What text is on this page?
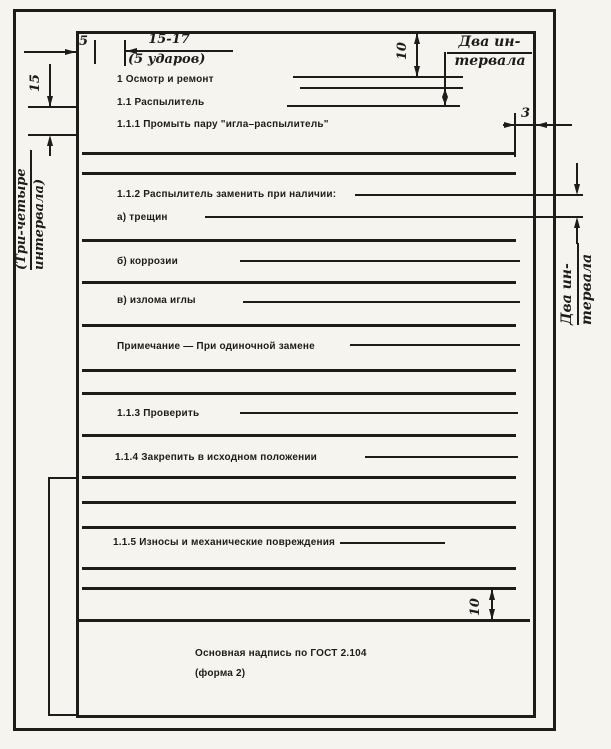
1 Осмотр и ремонт
1.1 Распылитель
1.1.1 Промыть пару "игла–распылитель"
1.1.2 Распылитель заменить при наличии:
а) трещин
б) коррозии
в) излома иглы
Примечание — При одиночной замене
1.1.3 Проверить
1.1.4 Закрепить в исходном положении
1.1.5 Износы и механические повреждения
Основная надпись по ГОСТ 2.104
(форма 2)
5	15-17
(5 ударов)	10
Два ин-
тервала
3
Два ин- тервала
15
(Три-четыре интервала)
10
